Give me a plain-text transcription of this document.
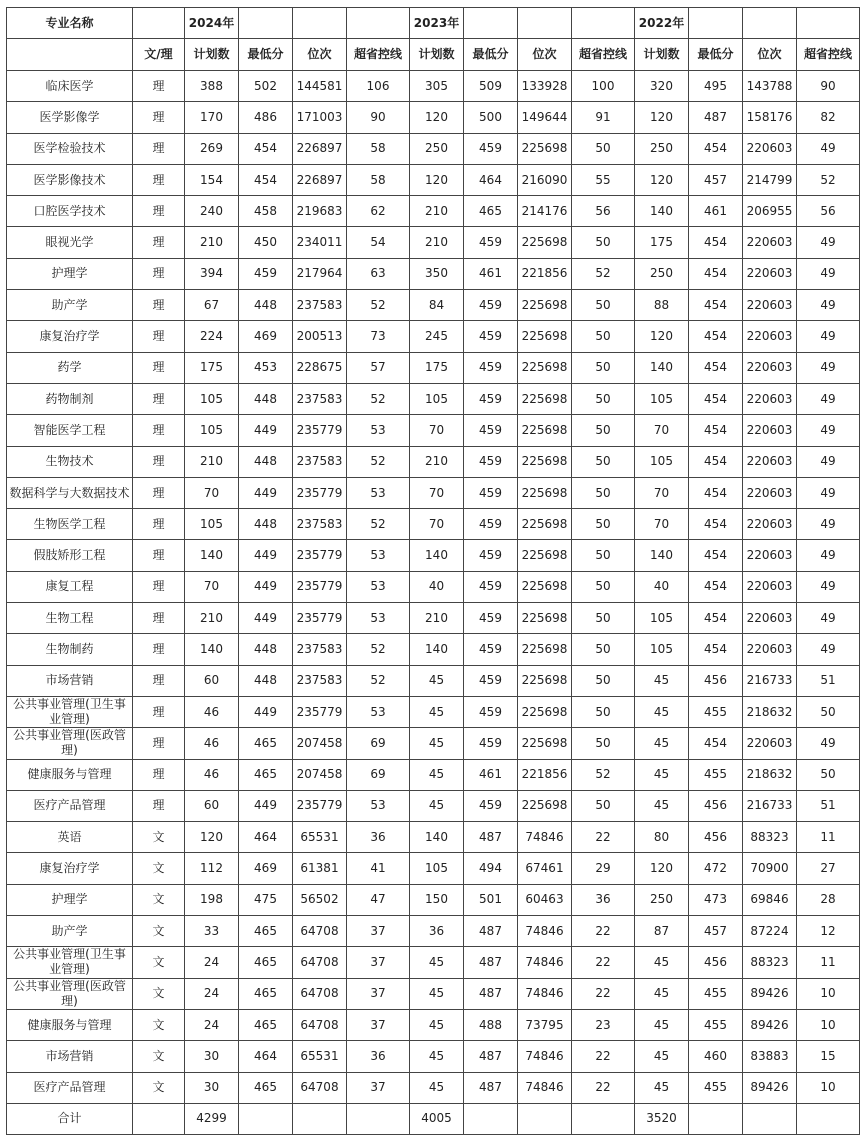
专业名称		2024年				2023年				2022年			
	文/理	计划数	最低分	位次	超省控线	计划数	最低分	位次	超省控线	计划数	最低分	位次	超省控线
临床医学	理	388	502	144581	106	305	509	133928	100	320	495	143788	90
医学影像学	理	170	486	171003	90	120	500	149644	91	120	487	158176	82
医学检验技术	理	269	454	226897	58	250	459	225698	50	250	454	220603	49
医学影像技术	理	154	454	226897	58	120	464	216090	55	120	457	214799	52
口腔医学技术	理	240	458	219683	62	210	465	214176	56	140	461	206955	56
眼视光学	理	210	450	234011	54	210	459	225698	50	175	454	220603	49
护理学	理	394	459	217964	63	350	461	221856	52	250	454	220603	49
助产学	理	67	448	237583	52	84	459	225698	50	88	454	220603	49
康复治疗学	理	224	469	200513	73	245	459	225698	50	120	454	220603	49
药学	理	175	453	228675	57	175	459	225698	50	140	454	220603	49
药物制剂	理	105	448	237583	52	105	459	225698	50	105	454	220603	49
智能医学工程	理	105	449	235779	53	70	459	225698	50	70	454	220603	49
生物技术	理	210	448	237583	52	210	459	225698	50	105	454	220603	49
数据科学与大数据技术	理	70	449	235779	53	70	459	225698	50	70	454	220603	49
生物医学工程	理	105	448	237583	52	70	459	225698	50	70	454	220603	49
假肢矫形工程	理	140	449	235779	53	140	459	225698	50	140	454	220603	49
康复工程	理	70	449	235779	53	40	459	225698	50	40	454	220603	49
生物工程	理	210	449	235779	53	210	459	225698	50	105	454	220603	49
生物制药	理	140	448	237583	52	140	459	225698	50	105	454	220603	49
市场营销	理	60	448	237583	52	45	459	225698	50	45	456	216733	51
公共事业管理(卫生事业管理)	理	46	449	235779	53	45	459	225698	50	45	455	218632	50
公共事业管理(医政管理)	理	46	465	207458	69	45	459	225698	50	45	454	220603	49
健康服务与管理	理	46	465	207458	69	45	461	221856	52	45	455	218632	50
医疗产品管理	理	60	449	235779	53	45	459	225698	50	45	456	216733	51
英语	文	120	464	65531	36	140	487	74846	22	80	456	88323	11
康复治疗学	文	112	469	61381	41	105	494	67461	29	120	472	70900	27
护理学	文	198	475	56502	47	150	501	60463	36	250	473	69846	28
助产学	文	33	465	64708	37	36	487	74846	22	87	457	87224	12
公共事业管理(卫生事业管理)	文	24	465	64708	37	45	487	74846	22	45	456	88323	11
公共事业管理(医政管理)	文	24	465	64708	37	45	487	74846	22	45	455	89426	10
健康服务与管理	文	24	465	64708	37	45	488	73795	23	45	455	89426	10
市场营销	文	30	464	65531	36	45	487	74846	22	45	460	83883	15
医疗产品管理	文	30	465	64708	37	45	487	74846	22	45	455	89426	10
合计		4299				4005				3520			
